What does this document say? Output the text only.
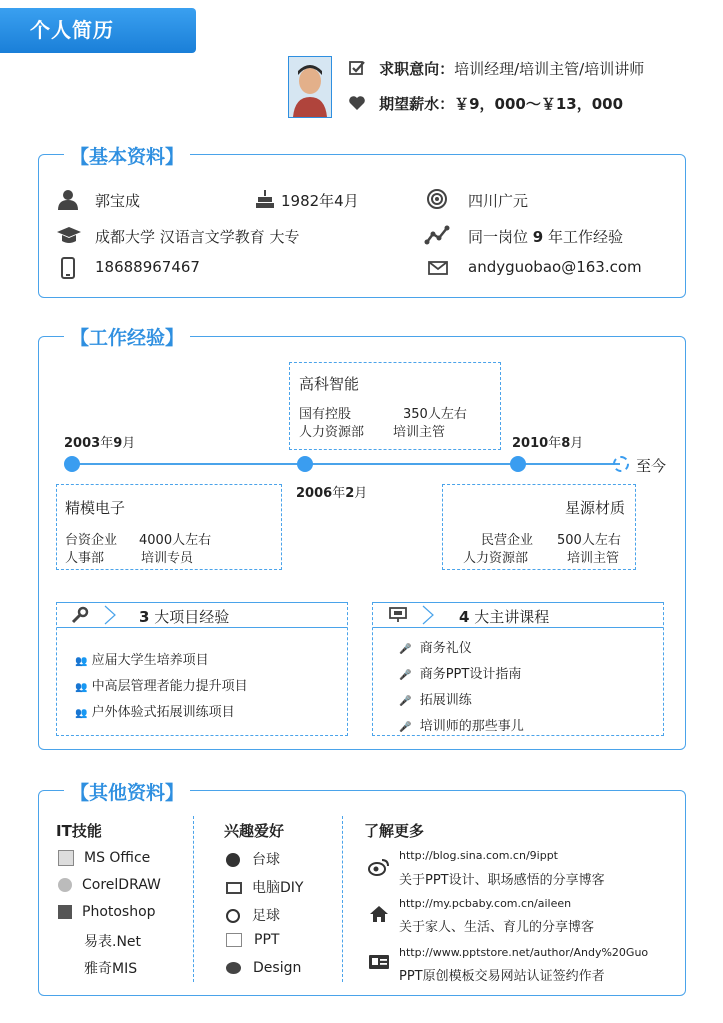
个人简历
求职意向：培训经理/培训主管/培训讲师
期望薪水：￥9，000～￥13，000
【基本资料】
郭宝成	1982年4月	四川广元
成都大学 汉语言文学教育 大专	同一岗位 9 年工作经验
18688967467	andyguobao@163.com
【工作经验】
2003年9月
2006年2月
2010年8月
至今
精模电子
台资企业 4000人左右
人事部	培训专员
高科智能
国有控股	350人左右
人力资源部 培训主管
星源材质
民营企业 500人左右
人力资源部	培训主管
3 大项目经验
👥 应届大学生培养项目
👥 中高层管理者能力提升项目
👥 户外体验式拓展训练项目
4 大主讲课程
🎤 商务礼仪
🎤 商务PPT设计指南
🎤 拓展训练
🎤 培训师的那些事儿
【其他资料】
IT技能
MS Office
CorelDRAW
Photoshop
易表.Net
雅奇MIS
兴趣爱好
台球
电脑DIY
足球
PPT
Design
了解更多
http://blog.sina.com.cn/9ippt
关于PPT设计、职场感悟的分享博客
http://my.pcbaby.com.cn/aileen
关于家人、生活、育儿的分享博客
http://www.pptstore.net/author/Andy%20Guo
PPT原创模板交易网站认证签约作者
